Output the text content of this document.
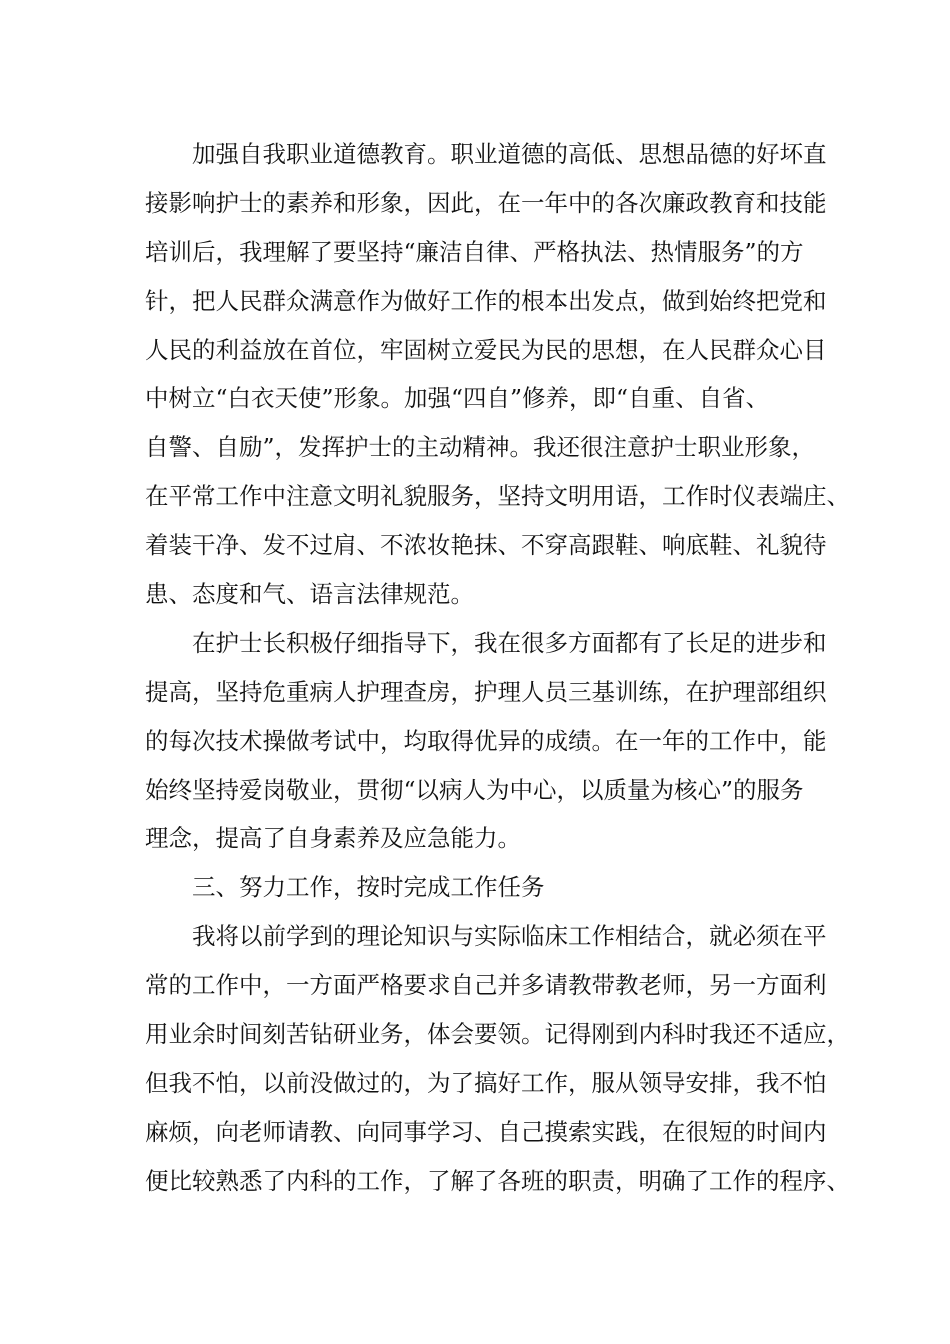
加强自我职业道德教育。职业道德的高低、思想品德的好坏直
接影响护士的素养和形象，因此，在一年中的各次廉政教育和技能
培训后，我理解了要坚持“廉洁自律、严格执法、热情服务”的方
针，把人民群众满意作为做好工作的根本出发点，做到始终把党和
人民的利益放在首位，牢固树立爱民为民的思想，在人民群众心目
中树立“白衣天使”形象。加强“四自”修养，即“自重、自省、
自警、自励”，发挥护士的主动精神。我还很注意护士职业形象，
在平常工作中注意文明礼貌服务，坚持文明用语，工作时仪表端庄、
着装干净、发不过肩、不浓妆艳抹、不穿高跟鞋、响底鞋、礼貌待
患、态度和气、语言法律规范。
在护士长积极仔细指导下，我在很多方面都有了长足的进步和
提高，坚持危重病人护理查房，护理人员三基训练，在护理部组织
的每次技术操做考试中，均取得优异的成绩。在一年的工作中，能
始终坚持爱岗敬业，贯彻“以病人为中心，以质量为核心”的服务
理念，提高了自身素养及应急能力。
三、努力工作，按时完成工作任务
我将以前学到的理论知识与实际临床工作相结合，就必须在平
常的工作中，一方面严格要求自己并多请教带教老师，另一方面利
用业余时间刻苦钻研业务，体会要领。记得刚到内科时我还不适应，
但我不怕，以前没做过的，为了搞好工作，服从领导安排，我不怕
麻烦，向老师请教、向同事学习、自己摸索实践，在很短的时间内
便比较熟悉了内科的工作，了解了各班的职责，明确了工作的程序、
